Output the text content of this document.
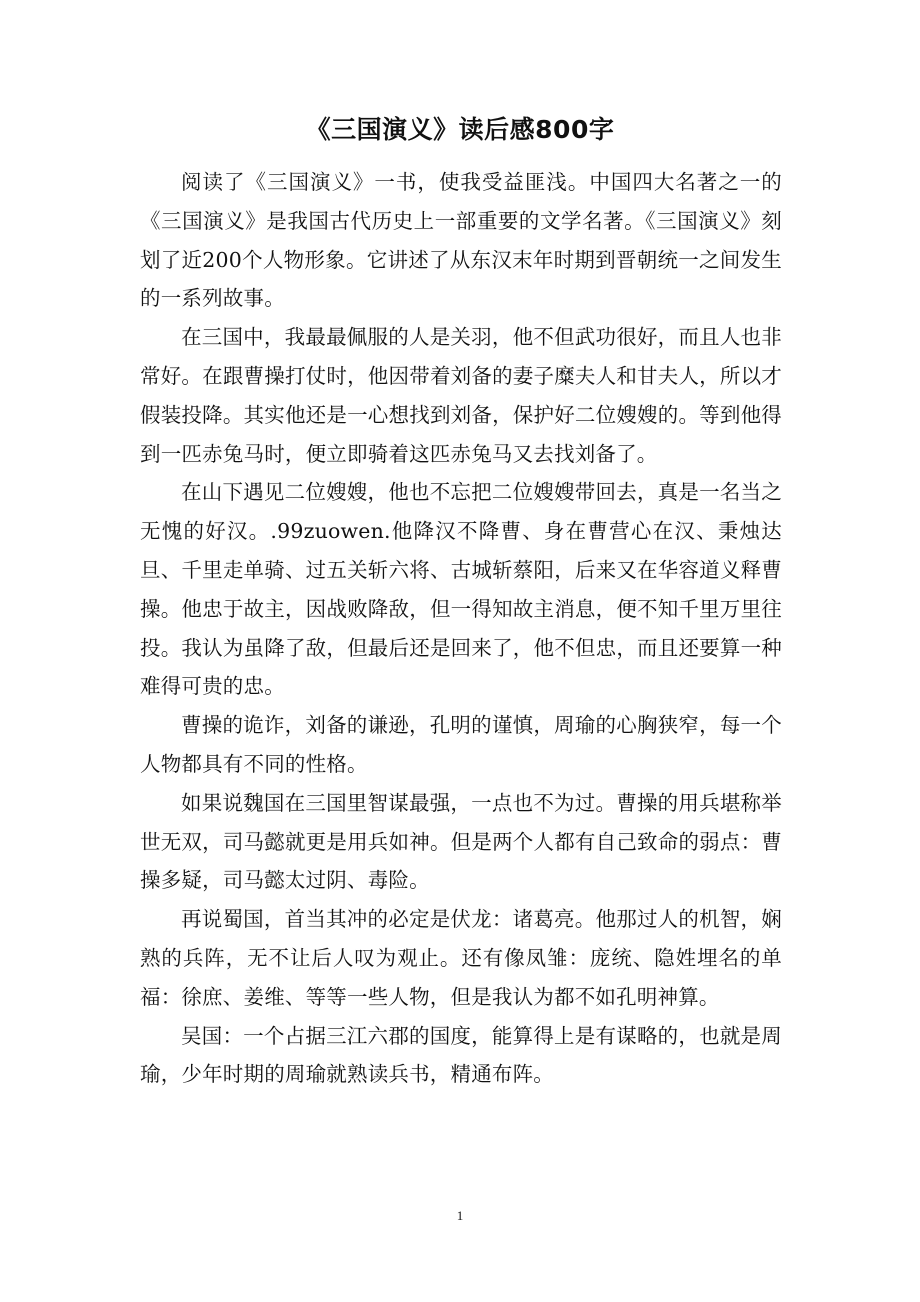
《三国演义》读后感800字

阅读了《三国演义》一书，使我受益匪浅。中国四大名著之一的《三国演义》是我国古代历史上一部重要的文学名著。《三国演义》刻划了近200个人物形象。它讲述了从东汉末年时期到晋朝统一之间发生的一系列故事。

在三国中，我最最佩服的人是关羽，他不但武功很好，而且人也非常好。在跟曹操打仗时，他因带着刘备的妻子糜夫人和甘夫人，所以才假装投降。其实他还是一心想找到刘备，保护好二位嫂嫂的。等到他得到一匹赤兔马时，便立即骑着这匹赤兔马又去找刘备了。

在山下遇见二位嫂嫂，他也不忘把二位嫂嫂带回去，真是一名当之无愧的好汉。.99zuowen.他降汉不降曹、身在曹营心在汉、秉烛达旦、千里走单骑、过五关斩六将、古城斩蔡阳，后来又在华容道义释曹操。他忠于故主，因战败降敌，但一得知故主消息，便不知千里万里往投。我认为虽降了敌，但最后还是回来了，他不但忠，而且还要算一种难得可贵的忠。

曹操的诡诈，刘备的谦逊，孔明的谨慎，周瑜的心胸狭窄，每一个人物都具有不同的性格。

如果说魏国在三国里智谋最强，一点也不为过。曹操的用兵堪称举世无双，司马懿就更是用兵如神。但是两个人都有自己致命的弱点：曹操多疑，司马懿太过阴、毒险。

再说蜀国，首当其冲的必定是伏龙：诸葛亮。他那过人的机智，娴熟的兵阵，无不让后人叹为观止。还有像凤雏：庞统、隐姓埋名的单福：徐庶、姜维、等等一些人物，但是我认为都不如孔明神算。

吴国：一个占据三江六郡的国度，能算得上是有谋略的，也就是周瑜，少年时期的周瑜就熟读兵书，精通布阵。

1
